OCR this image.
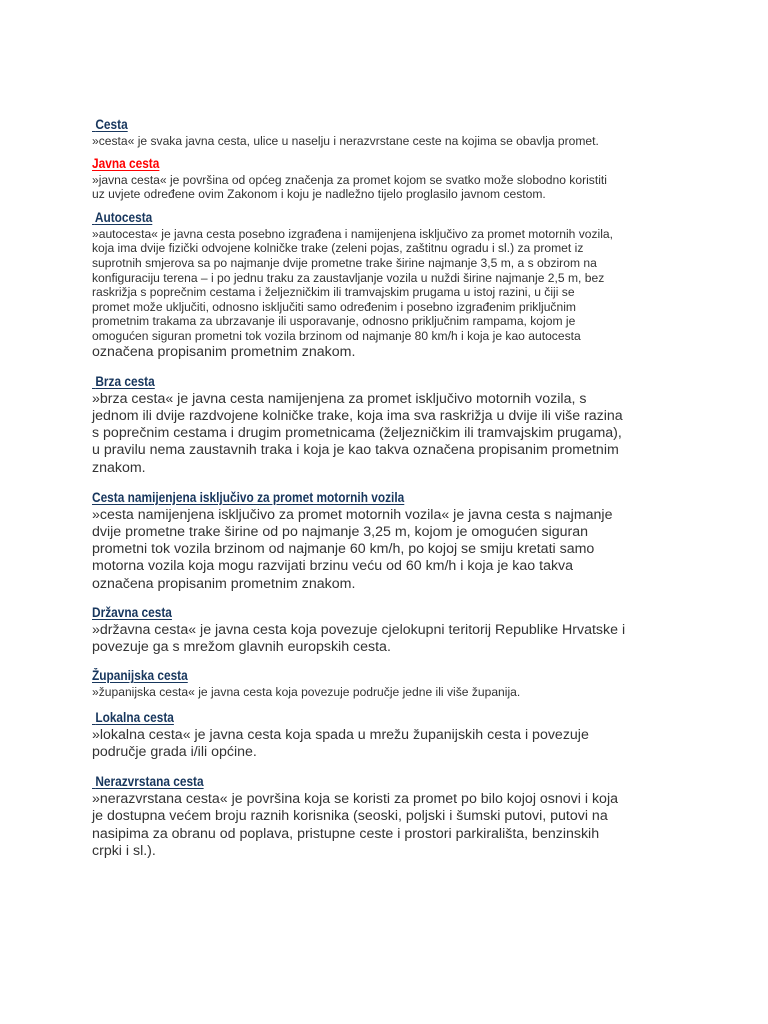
Cesta

»cesta« je svaka javna cesta, ulice u naselju i nerazvrstane ceste na kojima se obavlja promet.

Javna cesta

»javna cesta« je površina od općeg značenja za promet kojom se svatko može slobodno koristiti
uz uvjete određene ovim Zakonom i koju je nadležno tijelo proglasilo javnom cestom.

Autocesta

»autocesta« je javna cesta posebno izgrađena i namijenjena isključivo za promet motornih vozila,
koja ima dvije fizički odvojene kolničke trake (zeleni pojas, zaštitnu ogradu i sl.) za promet iz
suprotnih smjerova sa po najmanje dvije prometne trake širine najmanje 3,5 m, a s obzirom na
konfiguraciju terena – i po jednu traku za zaustavljanje vozila u nuždi širine najmanje 2,5 m, bez
raskrižja s poprečnim cestama i željezničkim ili tramvajskim prugama u istoj razini, u čiji se
promet može uključiti, odnosno isključiti samo određenim i posebno izgrađenim priključnim
prometnim trakama za ubrzavanje ili usporavanje, odnosno priključnim rampama, kojom je
omogućen siguran prometni tok vozila brzinom od najmanje 80 km/h i koja je kao autocesta
označena propisanim prometnim znakom.

Brza cesta

»brza cesta« je javna cesta namijenjena za promet isključivo motornih vozila, s
jednom ili dvije razdvojene kolničke trake, koja ima sva raskrižja u dvije ili više razina
s poprečnim cestama i drugim prometnicama (željezničkim ili tramvajskim prugama),
u pravilu nema zaustavnih traka i koja je kao takva označena propisanim prometnim
znakom.

Cesta namijenjena isključivo za promet motornih vozila

»cesta namijenjena isključivo za promet motornih vozila« je javna cesta s najmanje
dvije prometne trake širine od po najmanje 3,25 m, kojom je omogućen siguran
prometni tok vozila brzinom od najmanje 60 km/h, po kojoj se smiju kretati samo
motorna vozila koja mogu razvijati brzinu veću od 60 km/h i koja je kao takva
označena propisanim prometnim znakom.

Državna cesta

»državna cesta« je javna cesta koja povezuje cjelokupni teritorij Republike Hrvatske i
povezuje ga s mrežom glavnih europskih cesta.

Županijska cesta

»županijska cesta« je javna cesta koja povezuje područje jedne ili više županija.

Lokalna cesta

»lokalna cesta« je javna cesta koja spada u mrežu županijskih cesta i povezuje
područje grada i/ili općine.

Nerazvrstana cesta

»nerazvrstana cesta« je površina koja se koristi za promet po bilo kojoj osnovi i koja
je dostupna većem broju raznih korisnika (seoski, poljski i šumski putovi, putovi na
nasipima za obranu od poplava, pristupne ceste i prostori parkirališta, benzinskih
crpki i sl.).
